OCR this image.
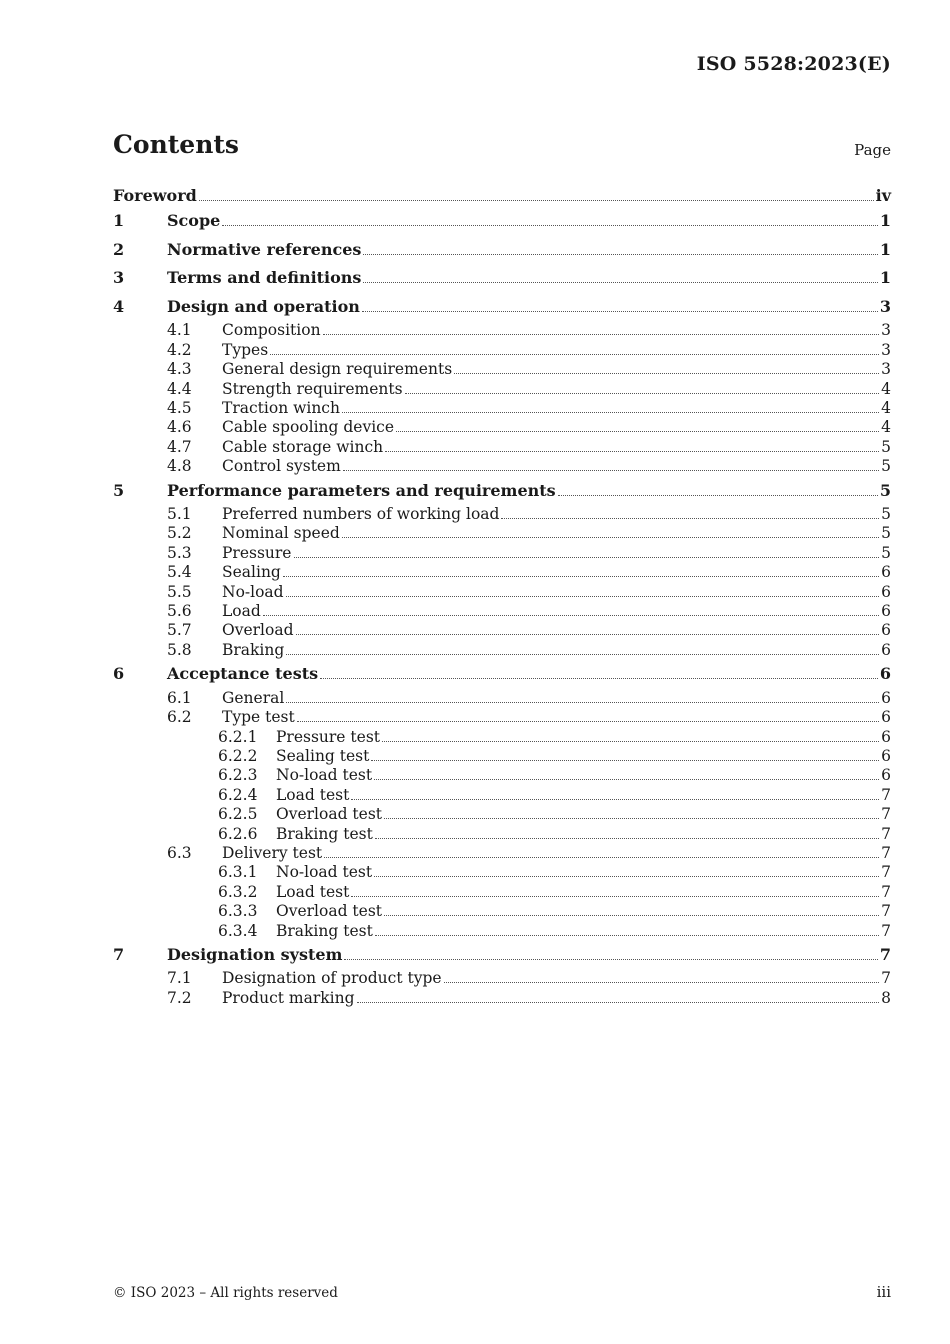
ISO 5528:2023(E)
Contents	Page
Foreword	iv
1	Scope	1
2	Normative references	1
3	Terms and definitions	1
4	Design and operation	3
4.1 Composition	3
4.2 Types	3
4.3 General design requirements	3
4.4 Strength requirements	4
4.5 Traction winch	4
4.6 Cable spooling device	4
4.7 Cable storage winch	5
4.8 Control system	5
5	Performance parameters and requirements	5
5.1 Preferred numbers of working load	5
5.2 Nominal speed	5
5.3 Pressure	5
5.4 Sealing	6
5.5 No-load	6
5.6 Load	6
5.7 Overload	6
5.8 Braking	6
6	Acceptance tests	6
6.1 General	6
6.2 Type test	6
6.2.1 Pressure test	6
6.2.2 Sealing test	6
6.2.3 No-load test	6
6.2.4 Load test	7
6.2.5 Overload test	7
6.2.6 Braking test	7
6.3 Delivery test	7
6.3.1 No-load test	7
6.3.2 Load test	7
6.3.3 Overload test	7
6.3.4 Braking test	7
7	Designation system	7
7.1 Designation of product type	7
7.2 Product marking	8
© ISO 2023 – All rights reserved	iii
